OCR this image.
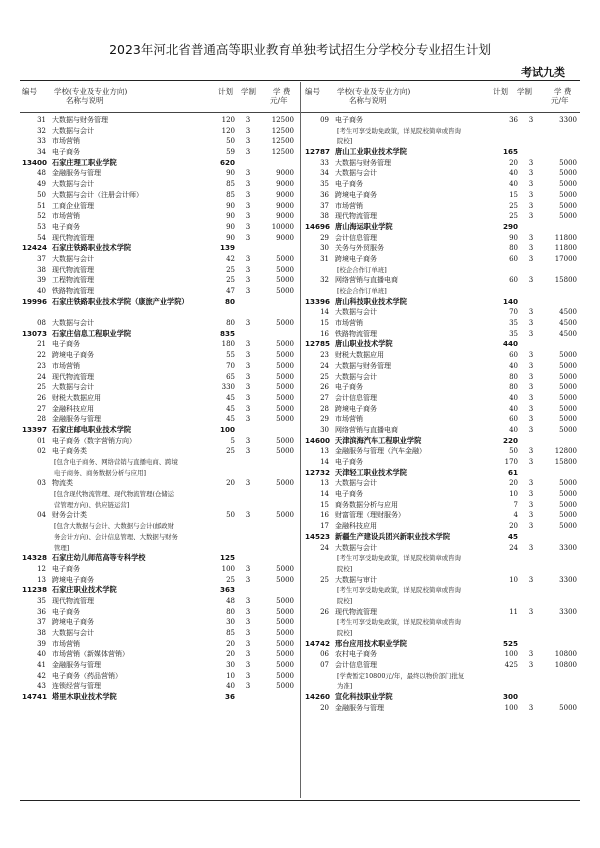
2023年河北省普通高等职业教育单独考试招生分学校分专业招生计划
考试九类
编号 学校(专业及专业方向)
名称与说明
计划 学制 学 费
元/年
编号 学校(专业及专业方向)
名称与说明
计划 学制	学 费
元/年
31 大数据与财务管理	120	3	12500
32 大数据与会计	120	3	12500
33 市场营销	50	3	12500
34 电子商务	59	3	12500
13400 石家庄理工职业学院	620
48 金融服务与管理	90	3	9000
49 大数据与会计	85	3	9000
50 大数据与会计（注册会计师）	85	3	9000
51 工商企业管理	90	3	9000
52 市场营销	90	3	9000
53 电子商务	90	3	10000
54 现代物流管理	90	3	9000
12424 石家庄铁路职业技术学院	139
37 大数据与会计	42	3	5000
38 现代物流管理	25	3	5000
39 工程物流管理	25	3	5000
40 铁路物流管理	47	3	5000
19996 石家庄铁路职业技术学院（康旅产业学院）	80
08 大数据与会计	80	3	5000
13073 石家庄信息工程职业学院	835
21 电子商务	180	3	5000
22 跨境电子商务	55	3	5000
23 市场营销	70	3	5000
24 现代物流管理	65	3	5000
25 大数据与会计	330	3	5000
26 财税大数据应用	45	3	5000
27 金融科技应用	45	3	5000
28 金融服务与管理	45	3	5000
13397 石家庄邮电职业技术学院	100
01 电子商务（数字营销方向）	5	3	5000
02 电子商务类	25	3	5000
[包含电子商务、网络营销与直播电商、跨境
电子商务、商务数据分析与应用]
03 物流类	20	3	5000
[包含现代物流管理、现代物流管理(仓储运
营管理方向)、供应链运营]
04 财务会计类	50	3	5000
[包含大数据与会计、大数据与会计(邮政财
务会计方向)、会计信息管理、大数据与财务
管理]
14328 石家庄幼儿师范高等专科学校	125
12 电子商务	100	3	5000
13 跨境电子商务	25	3	5000
11238 石家庄职业技术学院	363
35 现代物流管理	48	3	5000
36 电子商务	80	3	5000
37 跨境电子商务	30	3	5000
38 大数据与会计	85	3	5000
39 市场营销	20	3	5000
40 市场营销（新媒体营销）	20	3	5000
41 金融服务与管理	30	3	5000
42 电子商务（药品营销）	10	3	5000
43 连锁经营与管理	40	3	5000
14741 塔里木职业技术学院	36
09 电子商务	36	3	3300
[考生可享受助免政策，详见院校简章或咨询
院校]
12787 唐山工业职业技术学院	165
33 大数据与财务管理	20	3	5000
34 大数据与会计	40	3	5000
35 电子商务	40	3	5000
36 跨境电子商务	15	3	5000
37 市场营销	25	3	5000
38 现代物流管理	25	3	5000
14696 唐山海运职业学院	290
29 会计信息管理	90	3	11800
30 关务与外贸服务	80	3	11800
31 跨境电子商务	60	3	17000
[校企合作订单班]
32 网络营销与直播电商	60	3	15800
[校企合作订单班]
13396 唐山科技职业技术学院	140
14 大数据与会计	70	3	4500
15 市场营销	35	3	4500
16 铁路物流管理	35	3	4500
12785 唐山职业技术学院	440
23 财税大数据应用	60	3	5000
24 大数据与财务管理	40	3	5000
25 大数据与会计	80	3	5000
26 电子商务	80	3	5000
27 会计信息管理	40	3	5000
28 跨境电子商务	40	3	5000
29 市场营销	60	3	5000
30 网络营销与直播电商	40	3	5000
14600 天津滨海汽车工程职业学院	220
13 金融服务与管理（汽车金融）	50	3	12800
14 电子商务	170	3	15800
12732 天津轻工职业技术学院	61
13 大数据与会计	20	3	5000
14 电子商务	10	3	5000
15 商务数据分析与应用	7	3	5000
16 财富管理（理财服务）	4	3	5000
17 金融科技应用	20	3	5000
14523 新疆生产建设兵团兴新职业技术学院	45
24 大数据与会计	24	3	3300
[考生可享受助免政策，详见院校简章或咨询
院校]
25 大数据与审计	10	3	3300
[考生可享受助免政策，详见院校简章或咨询
院校]
26 现代物流管理	11	3	3300
[考生可享受助免政策，详见院校简章或咨询
院校]
14742 邢台应用技术职业学院	525
06 农村电子商务	100	3	10800
07 会计信息管理	425	3	10800
[学费暂定10800元/年，最终以物价部门批复
为准]
14260 宣化科技职业学院	300
20 金融服务与管理	100	3	5000
